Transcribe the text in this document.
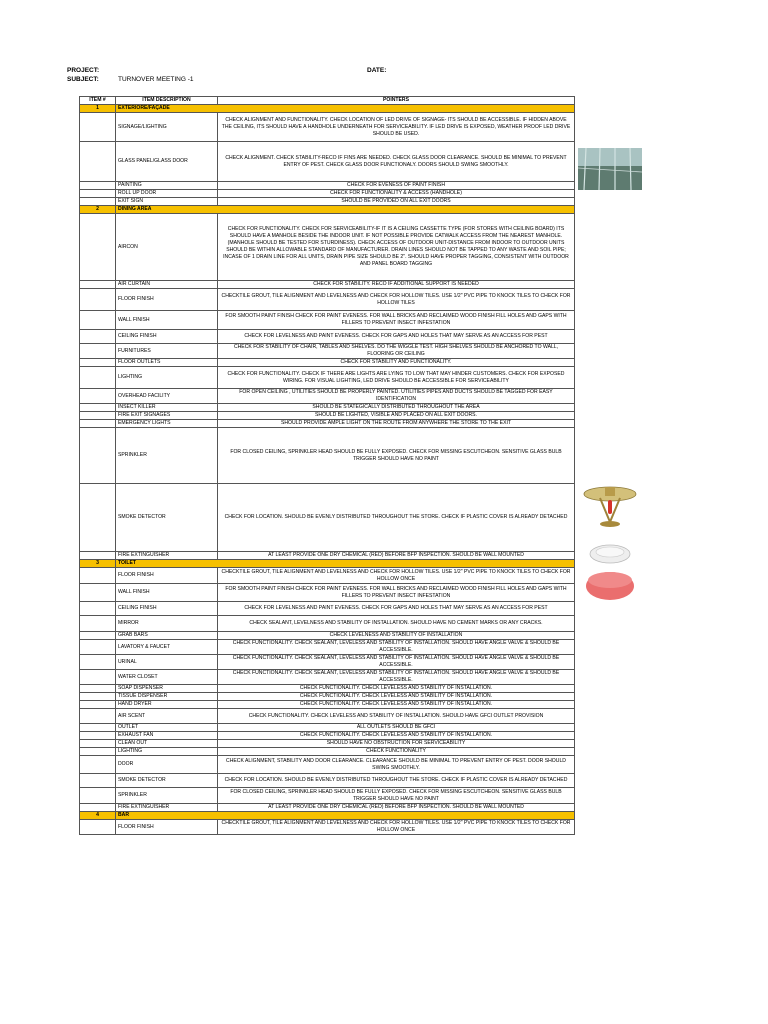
PROJECT:	DATE:
SUBJECT:	TURNOVER MEETING -1
ITEM #	ITEM DESCRIPTION	POINTERS
1	EXTERIORE/FAÇADE	
	SIGNAGE/LIGHTING	CHECK ALIGNMENT AND FUNCTIONALITY. CHECK LOCATION OF LED DRIVE OF SIGNAGE- ITS SHOULD BE ACCESSIBLE. IF HIDDEN ABOVE THE CEILING, ITS SHOULD HAVE A HANDHOLE UNDERNEATH FOR SERVICEABILITY. IF LED DRIVE IS EXPOSED, WEATHER PROOF LED DRIVE SHOULD BE USED.
	GLASS PANEL/GLASS DOOR	CHECK ALIGNMENT. CHECK STABILITY-RECO IF FINS ARE NEEDED. CHECK GLASS DOOR CLEARANCE. SHOULD BE MINIMAL TO PREVENT ENTRY OF PEST. CHECK GLASS DOOR FUNCTIONALY. DOORS SHOULD SWING SMOOTHLY.
	PAINTING	CHECK FOR EVENESS OF PAINT FINISH
	ROLL UP DOOR	CHECK FOR FUNCTIONALITY & ACCESS (HANDHOLE)
	EXIT SIGN	SHOULD BE PROVIDED ON ALL EXIT DOORS
2	DINING AREA	
	AIRCON	CHECK FOR FUNCTIONALITY. CHECK FOR SERVICEABILITY-IF IT IS A CEILING CASSETTE TYPE (FOR STORES WITH CEILING BOARD) ITS SHOULD HAVE A MANHOLE BESIDE THE INDOOR UNIT. IF NOT POSSIBLE PROVIDE CATWALK ACCESS FROM THE NEAREST MANHOLE. (MANHOLE SHOULD BE TESTED FOR STURDINESS). CHECK ACCESS OF OUTDOOR UNIT-DISTANCE FROM INDOOR TO OUTDOOR UNITS SHOULD BE WITHIN ALLOWABLE STANDARD OF MANUFACTURER. DRAIN LINES SHOULD NOT BE TAPPED TO ANY WASTE AND SOIL PIPE; INCASE OF 1 DRAIN LINE FOR ALL UNITS, DRAIN PIPE SIZE SHOULD BE 2". SHOULD HAVE PROPER TAGGING, CONSISTENT WITH OUTDOOR AND PANEL BOARD TAGGING
	AIR CURTAIN	CHECK FOR STABILITY. RECO IF ADDITIONAL SUPPORT IS NEEDED
	FLOOR FINISH	CHECKTILE GROUT, TILE ALIGNMENT AND LEVELNESS AND CHECK FOR HOLLOW TILES. USE 1/2" PVC PIPE TO KNOCK TILES TO CHECK FOR HOLLOW TILES
	WALL FINISH	FOR SMOOTH PAINT FINISH CHECK FOR PAINT EVENESS. FOR WALL BRICKS AND RECLAIMED WOOD FINISH FILL HOLES AND GAPS WITH FILLERS TO PREVENT INSECT INFESTATION
	CEILING FINISH	CHECK FOR LEVELNESS AND PAINT EVENESS. CHECK FOR GAPS AND HOLES THAT MAY SERVE AS AN ACCESS FOR PEST
	FURNITURES	CHECK FOR STABILITY OF CHAIR, TABLES AND SHELVES. DO THE WIGGLE TEST. HIGH SHELVES SHOULD BE ANCHORED TO WALL, FLOORING OR CEILING
	FLOOR OUTLETS	CHECK FOR STABILITY AND FUNCTIONALITY.
	LIGHTING	CHECK FOR FUNCTIONALITY. CHECK IF THERE ARE LIGHTS ARE LYING TO LOW THAT MAY HINDER CUSTOMERS. CHECK FOR EXPOSED WIRING. FOR VISUAL LIGHTING, LED DRIVE SHOULD BE ACCESSIBLE FOR SERVICEABILITY
	OVERHEAD FACILITY	FOR OPEN CEILING , UTILITIES SHOULD BE PROPERLY PAINTED. UTILITIES PIPES AND DUCTS SHOULD BE TAGGED FOR EASY IDENTIFICATION
	INSECT KILLER	SHOULD BE STATEGICALLY DISTRIBUTED THROUGHOUT THE AREA
	FIRE EXIT SIGNAGES	SHOULD BE LIGHTED, VISIBLE AND PLACED ON ALL EXIT DOORS.
	EMERGENCY LIGHTS	SHOULD PROVIDE AMPLE LIGHT ON THE ROUTE FROM ANYWHERE THE STORE TO THE EXIT
	SPRINKLER	FOR CLOSED CEILING, SPRINKLER HEAD SHOULD BE FULLY EXPOSED. CHECK FOR MISSING ESCUTCHEON. SENSITIVE GLASS BULB TRIGGER SHOULD HAVE NO PAINT
	SMOKE DETECTOR	CHECK FOR LOCATION. SHOULD BE EVENLY DISTRIBUTED THROUGHOUT THE STORE. CHECK IF PLASTIC COVER IS ALREADY DETACHED
	FIRE EXTINGUISHER	AT LEAST PROVIDE ONE DRY CHEMICAL (RED) BEFORE BFP INSPECTION. SHOULD BE WALL MOUNTED
3	TOILET	
	FLOOR FINISH	CHECKTILE GROUT, TILE ALIGNMENT AND LEVELNESS AND CHECK FOR HOLLOW TILES. USE 1/2" PVC PIPE TO KNOCK TILES TO CHECK FOR HOLLOW ONCE
	WALL FINISH	FOR SMOOTH PAINT FINISH CHECK FOR PAINT EVENESS. FOR WALL BRICKS AND RECLAIMED WOOD FINISH FILL HOLES AND GAPS WITH FILLERS TO PREVENT INSECT INFESTATION
	CEILING FINISH	CHECK FOR LEVELNESS AND PAINT EVENESS. CHECK FOR GAPS AND HOLES THAT MAY SERVE AS AN ACCESS FOR PEST
	MIRROR	CHECK SEALANT, LEVELNESS AND STABILITY OF INSTALLATION. SHOULD HAVE NO CEMENT MARKS OR ANY CRACKS.
	GRAB BARS	CHECK LEVELNESS AND STABILITY OF INSTALLATION
	LAVATORY & FAUCET	CHECK FUNCTIONALITY. CHECK SEALANT, LEVELESS AND STABILITY OF INSTALLATION. SHOULD HAVE ANGLE VALVE & SHOULD BE ACCESSIBLE.
	URINAL	CHECK FUNCTIONALITY. CHECK SEALANT, LEVELESS AND STABILITY OF INSTALLATION. SHOULD HAVE ANGLE VALVE & SHOULD BE ACCESSIBLE.
	WATER CLOSET	CHECK FUNCTIONALITY. CHECK SEALANT, LEVELESS AND STABILITY OF INSTALLATION. SHOULD HAVE ANGLE VALVE & SHOULD BE ACCESSIBLE.
	SOAP DISPENSER	CHECK FUNCTIONALITY. CHECK LEVELESS AND STABILITY OF INSTALLATION.
	TISSUE DISPENSER	CHECK FUNCTIONALITY. CHECK LEVELESS AND STABILITY OF INSTALLATION.
	HAND DRYER	CHECK FUNCTIONALITY. CHECK LEVELESS AND STABILITY OF INSTALLATION.
	AIR SCENT	CHECK FUNCTIONALITY. CHECK LEVELESS AND STABILITY OF INSTALLATION. SHOULD HAVE GFCI OUTLET PROVISION
	OUTLET	ALL OUTLETS SHOULD BE GFCI
	EXHAUST FAN	CHECK FUNCTIONALITY. CHECK LEVELESS AND STABILITY OF INSTALLATION.
	CLEAN OUT	SHOULD HAVE NO OBSTRUCTION FOR SERVICEABILITY
	LIGHTING	CHECK FUNCTIONALITY
	DOOR	CHECK ALIGNMENT, STABILITY AND DOOR CLEARANCE. CLEARANCE SHOULD BE MINIMAL TO PREVENT ENTRY OF PEST. DOOR SHOULD SWING SMOOTHLY.
	SMOKE DETECTOR	CHECK FOR LOCATION. SHOULD BE EVENLY DISTRIBUTED THROUGHOUT THE STORE. CHECK IF PLASTIC COVER IS ALREADY DETACHED
	SPRINKLER	FOR CLOSED CEILING, SPRINKLER HEAD SHOULD BE FULLY EXPOSED. CHECK FOR MISSING ESCUTCHEON. SENSITIVE GLASS BULB TRIGGER SHOULD HAVE NO PAINT
	FIRE EXTINGUISHER	AT LEAST PROVIDE ONE DRY CHEMICAL (RED) BEFORE BFP INSPECTION. SHOULD BE WALL MOUNTED
4	BAR	
	FLOOR FINISH	CHECKTILE GROUT, TILE ALIGNMENT AND LEVELNESS AND CHECK FOR HOLLOW TILES. USE 1/2" PVC PIPE TO KNOCK TILES TO CHECK FOR HOLLOW ONCE
